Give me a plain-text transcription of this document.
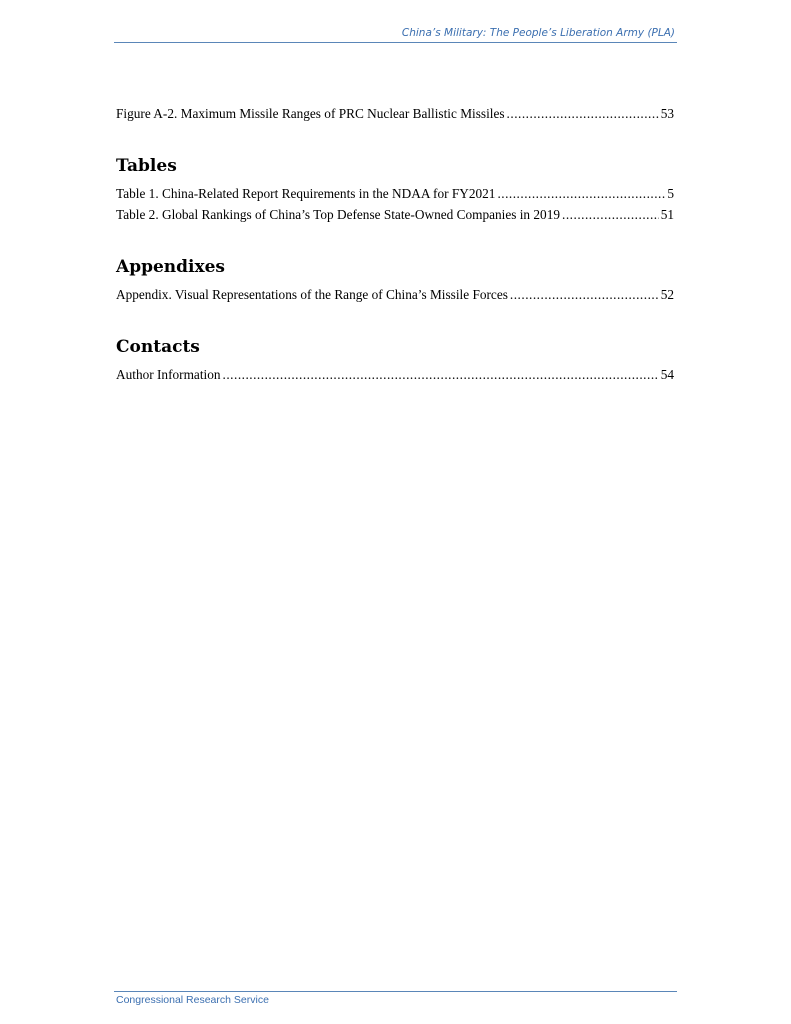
China’s Military: The People’s Liberation Army (PLA)
Figure A-2. Maximum Missile Ranges of PRC Nuclear Ballistic Missiles .....	53
Tables
Table 1. China-Related Report Requirements in the NDAA for FY2021 .....	5
Table 2. Global Rankings of China’s Top Defense State-Owned Companies in 2019 .....	51
Appendixes
Appendix. Visual Representations of the Range of China’s Missile Forces .....	52
Contacts
Author Information .....	54
Congressional Research Service
